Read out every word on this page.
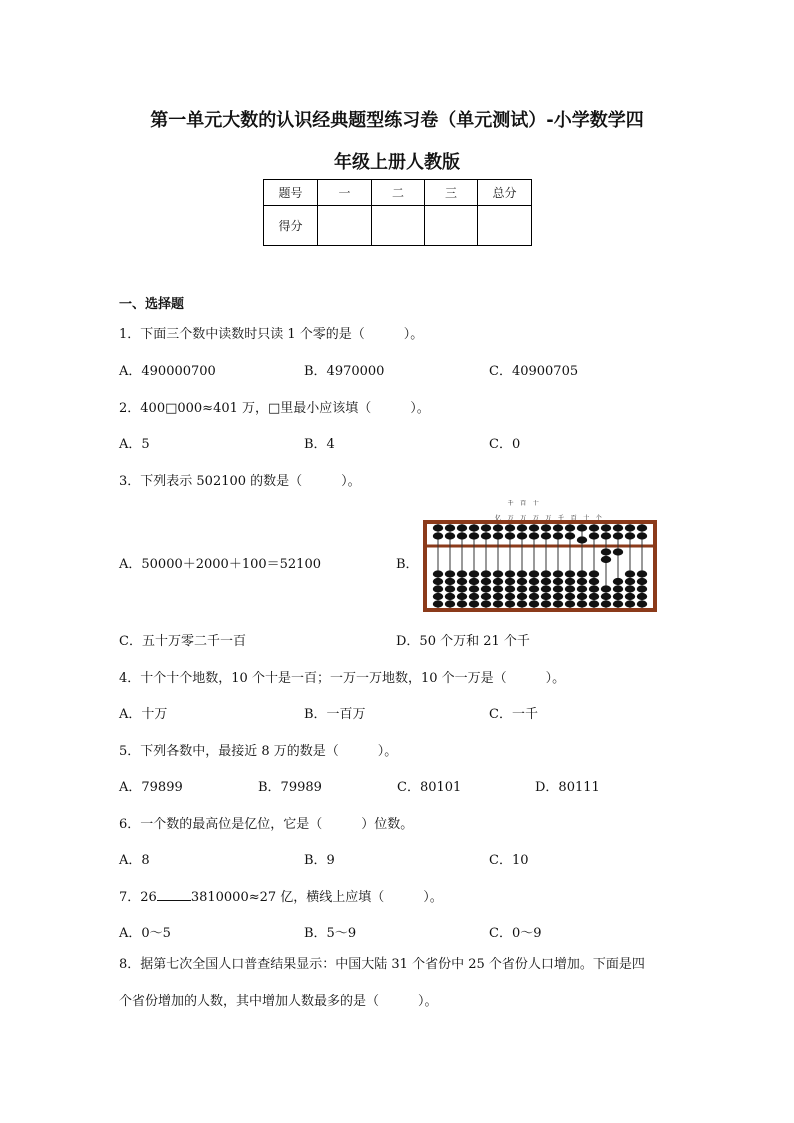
第一单元大数的认识经典题型练习卷（单元测试）-小学数学四
年级上册人教版
题号	一	二	三	总分
得分				
一、选择题
1．下面三个数中读数时只读 1 个零的是（　　　）。
A．490000700	B．4970000	C．40900705
2．400□000≈401 万，□里最小应该填（　　　）。
A．5	B．4	C．0
3．下列表示 502100 的数是（　　　）。
A．50000＋2000＋100＝52100	B．
亿
千
万
百
万
十
万 万 千 百 十 个
C．五十万零二千一百	D．50 个万和 21 个千
4．十个十个地数，10 个十是一百；一万一万地数，10 个一万是（　　　）。
A．十万	B．一百万	C．一千
5．下列各数中，最接近 8 万的数是（　　　）。
A．79899	B．79989	C．80101	D．80111
6．一个数的最高位是亿位，它是（　　　）位数。
A．8	B．9	C．10
7．26	3810000≈27 亿，横线上应填（　　　）。
A．0～5	B．5～9	C．0～9
8．据第七次全国人口普查结果显示：中国大陆 31 个省份中 25 个省份人口增加。下面是四
个省份增加的人数，其中增加人数最多的是（　　　）。
